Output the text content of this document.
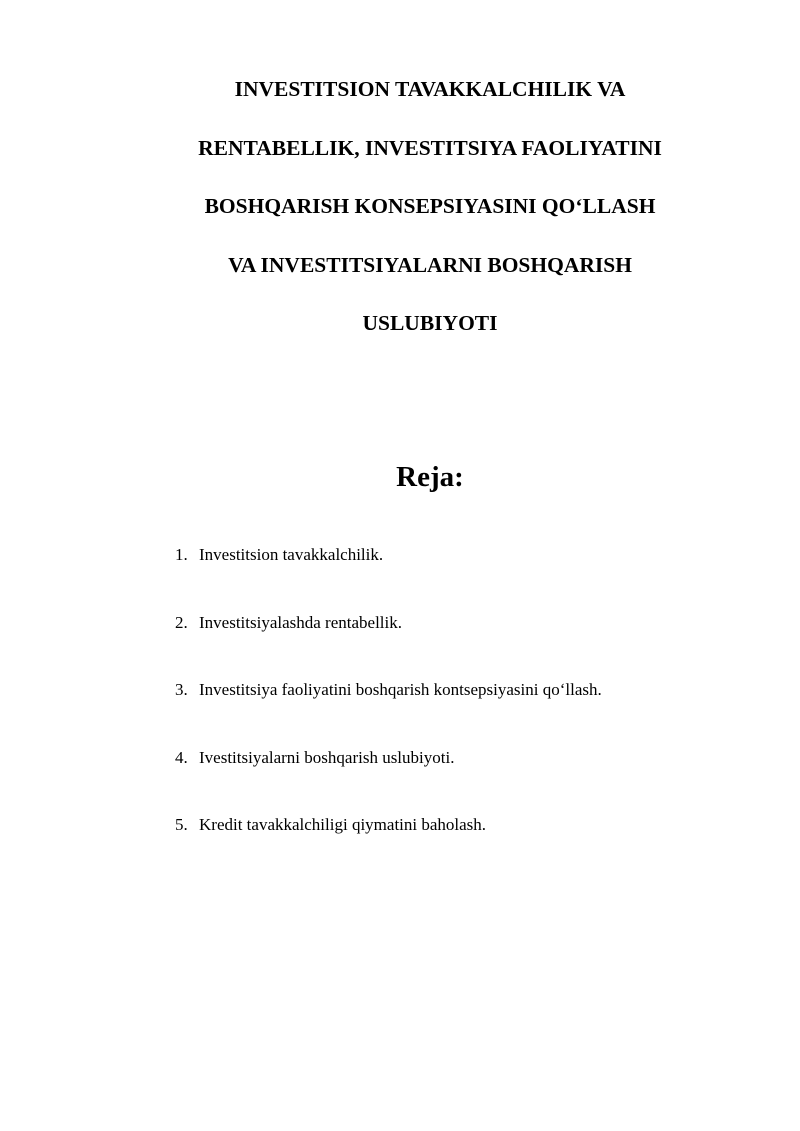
INVESTITSION TAVAKKALCHILIK VA
RENTABELLIK, INVESTITSIYA FAOLIYATINI
BOSHQARISH KONSEPSIYASINI QO‘LLASH
VA INVESTITSIYALARNI BOSHQARISH
USLUBIYOTI
Reja:
1. Investitsion tavakkalchilik.
2. Investitsiyalashda rentabellik.
3. Investitsiya faoliyatini boshqarish kontsepsiyasini qo‘llash.
4. Ivestitsiyalarni boshqarish uslubiyoti.
5. Kredit tavakkalchiligi qiymatini baholash.
